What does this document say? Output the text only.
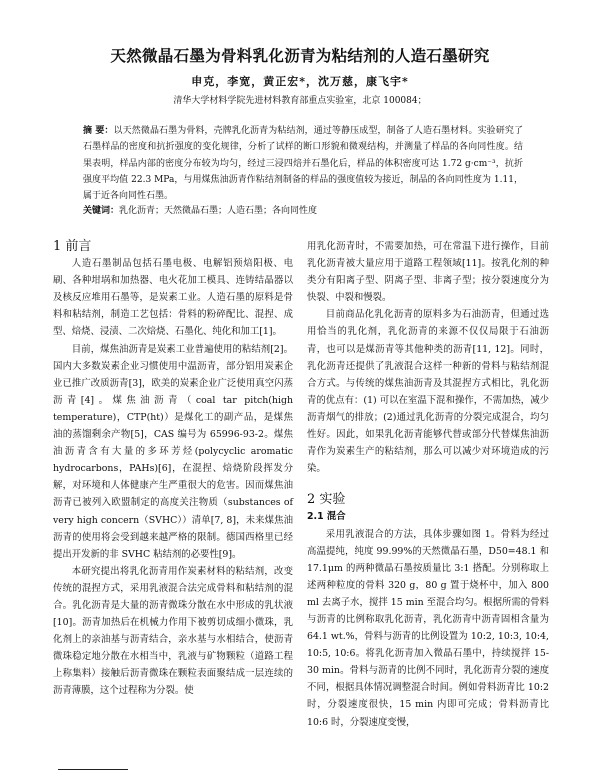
天然微晶石墨为骨料乳化沥青为粘结剂的人造石墨研究
申克，李宽，黄正宏*，沈万慈，康飞宇*
清华大学材料学院先进材料教育部重点实验室，北京 100084；
摘 要：以天然微晶石墨为骨料，壳牌乳化沥青为粘结剂，通过等静压成型，制备了人造石墨材料。实验研究了石墨样品的密度和抗折强度的变化规律，分析了试样的断口形貌和微观结构，并测量了样品的各向同性度。结果表明，样品内部的密度分布较为均匀，经过三浸四焙并石墨化后，样品的体积密度可达 1.72 g·cm⁻³，抗折强度平均值 22.3 MPa，与用煤焦油沥青作粘结剂制备的样品的强度值较为接近，制品的各向同性度为 1.11，属于近各向同性石墨。
关键词：乳化沥青；天然微晶石墨；人造石墨；各向同性度

1 前言

人造石墨制品包括石墨电极、电解铝预焙阳极、电刷、各种坩埚和加热器、电火花加工模具、连铸结晶器以及核反应堆用石墨等，是炭素工业。人造石墨的原料是骨料和粘结剂，制造工艺包括：骨料的粉碎配比、混捏、成型、焙烧、浸渍、二次焙烧、石墨化、纯化和加工[1]。

目前，煤焦油沥青是炭素工业普遍使用的粘结剂[2]。国内大多数炭素企业习惯使用中温沥青，部分铝用炭素企业已推广改质沥青[3]，欧美的炭素企业广泛使用真空闪蒸沥青[4]。煤焦油沥青（coal tar pitch(high temperature)，CTP(ht)）是煤化工的副产品，是煤焦油的蒸馏剩余产物[5]，CAS 编号为 65996-93-2。煤焦油沥青含有大量的多环芳烃(polycyclic aromatic hydrocarbons，PAHs)[6]，在混捏、焙烧阶段挥发分解，对环境和人体健康产生严重很大的危害。因而煤焦油沥青已被列入欧盟制定的高度关注物质（substances of very high concern（SVHC））清单[7, 8]，未来煤焦油沥青的使用将会受到越来越严格的限制。德国西格里已经提出开发新的非 SVHC 粘结剂的必要性[9]。

本研究提出将乳化沥青用作炭素材料的粘结剂，改变传统的混捏方式，采用乳液混合法完成骨料和粘结剂的混合。乳化沥青是大量的沥青微珠分散在水中形成的乳状液[10]。沥青加热后在机械力作用下被剪切成细小微珠，乳化剂上的亲油基与沥青结合，亲水基与水相结合，使沥青微珠稳定地分散在水相当中，乳液与矿物颗粒（道路工程上称集料）接触后沥青微珠在颗粒表面聚结成一层连续的沥青薄膜，这个过程称为分裂。使

用乳化沥青时，不需要加热，可在常温下进行操作，目前乳化沥青被大量应用于道路工程领域[11]。按乳化剂的种类分有阳离子型、阴离子型、非离子型；按分裂速度分为快裂、中裂和慢裂。

目前商品化乳化沥青的原料多为石油沥青，但通过选用恰当的乳化剂，乳化沥青的来源不仅仅局限于石油沥青，也可以是煤沥青等其他种类的沥青[11, 12]。同时，乳化沥青还提供了乳液混合这样一种新的骨料与粘结剂混合方式。与传统的煤焦油沥青及其混捏方式相比，乳化沥青的优点有：(1) 可以在室温下混和操作，不需加热，减少沥青烟气的排放；(2)通过乳化沥青的分裂完成混合，均匀性好。因此，如果乳化沥青能够代替或部分代替煤焦油沥青作为炭素生产的粘结剂，那么可以减少对环境造成的污染。

2 实验

2.1 混合

采用乳液混合的方法，具体步骤如图 1。骨料为经过高温提纯，纯度 99.99%的天然微晶石墨，D50=48.1 和 17.1μm 的两种微晶石墨按质量比 3:1 搭配。分别称取上述两种粒度的骨料 320 g，80 g 置于烧杯中，加入 800 ml 去离子水，搅拌 15 min 至混合均匀。根据所需的骨料与沥青的比例称取乳化沥青，乳化沥青中沥青固相含量为 64.1 wt.%，骨料与沥青的比例设置为 10:2, 10:3, 10:4, 10:5, 10:6。将乳化沥青加入微晶石墨中，持续搅拌 15-30 min。骨料与沥青的比例不同时，乳化沥青分裂的速度不同，根据具体情况调整混合时间。例如骨料沥青比 10:2 时，分裂速度很快，15 min 内即可完成；骨料沥青比 10:6 时，分裂速度变慢，
